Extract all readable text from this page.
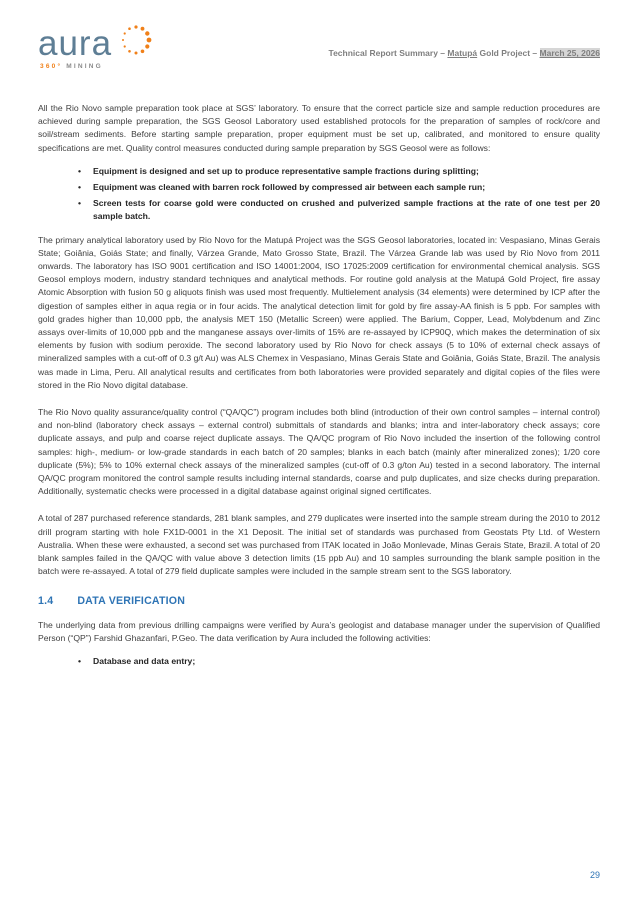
aura
360° MINING
Technical Report Summary – Matupá Gold Project – March 25, 2026

All the Rio Novo sample preparation took place at SGS’ laboratory. To ensure that the correct particle size and sample reduction procedures are achieved during sample preparation, the SGS Geosol Laboratory used established protocols for the preparation of samples of rock/core and soil/stream sediments. Before starting sample preparation, proper equipment must be set up, calibrated, and monitored to ensure quality specifications are met. Quality control measures conducted during sample preparation by SGS Geosol were as follows:

• Equipment is designed and set up to produce representative sample fractions during splitting;
• Equipment was cleaned with barren rock followed by compressed air between each sample run;
• Screen tests for coarse gold were conducted on crushed and pulverized sample fractions at the rate of one test per 20 sample batch.

The primary analytical laboratory used by Rio Novo for the Matupá Project was the SGS Geosol laboratories, located in: Vespasiano, Minas Gerais State; Goiânia, Goiás State; and finally, Várzea Grande, Mato Grosso State, Brazil. The Várzea Grande lab was used by Rio Novo from 2011 onwards. The laboratory has ISO 9001 certification and ISO 14001:2004, ISO 17025:2009 certification for environmental chemical analysis. SGS Geosol employs modern, industry standard techniques and analytical methods. For routine gold analysis at the Matupá Gold Project, fire assay Atomic Absorption with fusion 50 g aliquots finish was used most frequently. Multielement analysis (34 elements) were determined by ICP after the digestion of samples either in aqua regia or in four acids. The analytical detection limit for gold by fire assay-AA finish is 5 ppb. For samples with gold grades higher than 10,000 ppb, the analysis MET 150 (Metallic Screen) were applied. The Barium, Copper, Lead, Molybdenum and Zinc assays over-limits of 10,000 ppb and the manganese assays over-limits of 15% are re-assayed by ICP90Q, which makes the determination of six elements by fusion with sodium peroxide. The second laboratory used by Rio Novo for check assays (5 to 10% of external check assays of mineralized samples with a cut-off of 0.3 g/t Au) was ALS Chemex in Vespasiano, Minas Gerais State and Goiânia, Goiás State, Brazil. The analysis was made in Lima, Peru. All analytical results and certificates from both laboratories were provided separately and digital copies of the files were stored in the Rio Novo digital database.

The Rio Novo quality assurance/quality control (“QA/QC”) program includes both blind (introduction of their own control samples – internal control) and non-blind (laboratory check assays – external control) submittals of standards and blanks; intra and inter-laboratory check assays; core duplicate assays, and pulp and coarse reject duplicate assays. The QA/QC program of Rio Novo included the insertion of the following control samples: high-, medium- or low-grade standards in each batch of 20 samples; blanks in each batch (mainly after mineralized zones); 1/20 core duplicate (5%); 5% to 10% external check assays of the mineralized samples (cut-off of 0.3 g/ton Au) tested in a second laboratory. The internal QA/QC program monitored the control sample results including internal standards, coarse and pulp duplicates, and size checks during preparation. Additionally, systematic checks were processed in a digital database against original signed certificates.

A total of 287 purchased reference standards, 281 blank samples, and 279 duplicates were inserted into the sample stream during the 2010 to 2012 drill program starting with hole FX1D-0001 in the X1 Deposit. The initial set of standards was purchased from Geostats Pty Ltd. of Western Australia. When these were exhausted, a second set was purchased from ITAK located in João Monlevade, Minas Gerais State, Brazil. A total of 20 blank samples failed in the QA/QC with value above 3 detection limits (15 ppb Au) and 10 samples surrounding the blank sample position in the batch were re-assayed. A total of 279 field duplicate samples were included in the sample stream sent to the SGS laboratory.

1.4 DATA VERIFICATION

The underlying data from previous drilling campaigns were verified by Aura’s geologist and database manager under the supervision of Qualified Person (“QP”) Farshid Ghazanfari, P.Geo. The data verification by Aura included the following activities:

• Database and data entry;
29
